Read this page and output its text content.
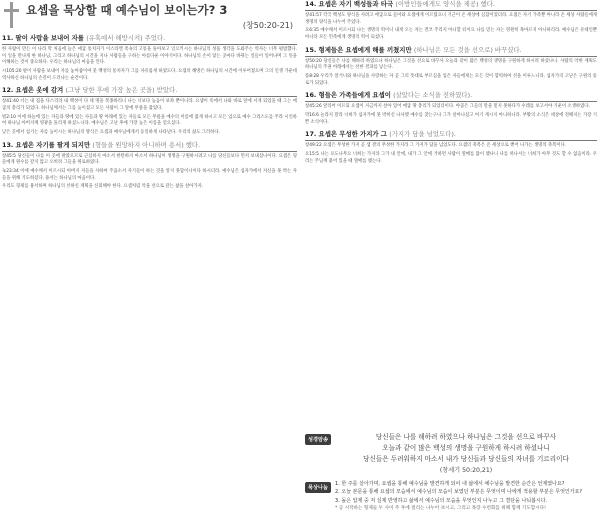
요셉을 묵상할 때 예수님이 보이는가? 3
(창50:20-21)
11. 팔이 사람을 보내어 자를 (유혹에서 해방시켜) 주었다.

한 사람이 만든 이 나라 막 처음에 놀은 애굽 통치자가 이스라엘 족속의 고통을 돌아보고 일으키시는 하나님의 성품 생각을 도와주는 역사는 너무 평범했다. 이 일을 만나게 한 하나님, 그리고 하나님의 시간을 지나 사람들을 구하는 아름다운 이야기이다. 하나님의 손이 닿는 곳마다 바뀌는 일들이 일어나며 그 뜻을 이해하는 것이 중요하다. 우리는 하나님의 마음을 안다.

시105:20 팔이 사람을 보내어 자를 놓아줌이여 뭇 백성의 통치자가 그를 자유롭게 하였도다. 요셉의 해방은 하나님의 시간에 이루어졌으며 그의 인생 가운데 역사하신 하나님의 손길이 드러나는 순간이다.

12. 요셉은 옷에 감겨 (그냥 당한 후에 가장 높은 곳을) 받았다.

창41:40 너는 내 집을 다스리라 내 백성이 다 네 명을 복종하리니 나는 너보다 높음이 보좌 뿐이니라. 요셉이 옥에서 나와 바로 앞에 서게 되었을 때 그는 애굽의 총리가 되었다. 하나님께서는 그를 높이셨고 모든 사람이 그 앞에 무릎을 꿇었다.

빌2:10 이에 하늘에 있는 자들과 땅에 있는 자들과 땅 아래에 있는 자들로 모든 무릎을 예수의 이름에 꿇게 하시고 모든 입으로 예수 그리스도를 주라 시인하여 하나님 아버지께 영광을 돌리게 하셨느니라. 예수님은 고난 후에 가장 높은 이름을 얻으셨다.

낮은 곳에서 섬기는 자를 높이시는 하나님의 방식은 요셉과 예수님에게서 동일하게 나타난다. 우리의 삶도 그러하다.

13. 요셉은 자기를 팔게 되지만 (형들을 원망하지 아니하며 용서) 했다.

창45:5 당신들이 나를 이 곳에 팔았으므로 근심하지 마소서 한탄하지 마소서 하나님이 생명을 구원하시려고 나를 당신들보다 먼저 보내셨나이다. 요셉은 형들에게 원수를 갚지 않고 오히려 그들을 위로하였다.

눅23:34 이에 예수께서 이르시되 아버지 저들을 사하여 주옵소서 자기들이 하는 것을 알지 못함이니이다 하시더라. 예수님은 십자가에서 자신을 못 박는 자들을 위해 기도하셨다. 용서는 하나님의 마음이다.

우리도 형제를 용서하며 하나님의 선하신 계획을 신뢰해야 한다. 요셉처럼 악을 선으로 갚는 삶을 살아가자.

14. 요셉은 자기 백성들과 타국 (이방인들에게도 양식을 제공) 했다.

창41:57 각국 백성도 양식을 사려고 애굽으로 들어와 요셉에게 이르렀으니 기근이 온 세상에 심함이었더라. 요셉은 자기 가족뿐 아니라 온 세상 사람들에게 생명의 양식을 나누어 주었다.

요6:35 예수께서 이르시되 나는 생명의 떡이니 내게 오는 자는 결코 주리지 아니할 터이요 나를 믿는 자는 영원히 목마르지 아니하리라. 예수님은 유대인뿐 아니라 모든 민족에게 생명의 떡이 되셨다.

15. 형제들은 요셉에게 해를 끼쳤지만 (하나님은 모든 것을 선으로) 바꾸셨다.

창50:20 당신들은 나를 해하려 하였으나 하나님은 그것을 선으로 바꾸사 오늘과 같이 많은 백성의 생명을 구원하게 하시려 하셨나니. 사람의 악한 계획도 하나님의 주권 아래에서는 선한 결과를 낳는다.

롬8:28 우리가 알거니와 하나님을 사랑하는 자 곧 그의 뜻대로 부르심을 입은 자들에게는 모든 것이 합력하여 선을 이루느니라. 십자가의 고난은 구원의 통로가 되었다.

16. 형들은 가족들에게 요셉이 (살았다는 소식을 전하였다).

창45:26 알리어 이르되 요셉이 지금까지 살아 있어 애굽 땅 총리가 되었더이다. 야곱은 그들의 말을 믿지 못하다가 수레를 보고서야 기운이 소생하였다.

막16:6 놀라지 말라 너희가 십자가에 못 박히신 나사렛 예수를 찾는구나 그가 살아나셨고 여기 계시지 아니하니라. 부활의 소식은 세상에 전해지는 가장 기쁜 소식이다.

17. 요셉은 무성한 가지가 그 (가지가 담을 넘었도다).

창49:22 요셉은 무성한 가지 곧 샘 곁의 무성한 가지라 그 가지가 담을 넘었도다. 요셉의 축복은 온 세상으로 뻗어 나가는 생명의 축복이다.

요15:5 나는 포도나무요 너희는 가지라 그가 내 안에, 내가 그 안에 거하면 사람이 열매를 많이 맺나니 나를 떠나서는 너희가 아무 것도 할 수 없음이라. 우리는 주님께 붙어 있을 때 열매를 맺는다.

성경암송	당신들은 나를 해하려 하였으나 하나님은 그것을 선으로 바꾸사

오늘과 같이 많은 백성의 생명을 구원하게 하시려 하셨나니

당신들은 두려워하지 마소서 내가 당신들과 당신들의 자녀를 기르리이다

(창세기 50:20,21)

묵상나눔

1. 한 주를 살아가며, 요셉을 통해 예수님을 발견하게 되어 내 삶에서 예수님을 발견한 순간은 언제였나요?

2. 오늘 본문을 통해 요셉의 모습에서 예수님의 모습이 보였던 부분은 무엇이며 나에게 적용할 부분은 무엇인가요?

3. 돌은 압제 중 저 실제 반영하고 삶에서 예수님의 모습을 무엇인지 나누고 그 결단을 나눠봅시다.

* 공 시작하는 형제들 두 사이 주 후에 걸리는 나누어 보시고, 그리고 목장 수련회를 위해 함께 기도합시다!
